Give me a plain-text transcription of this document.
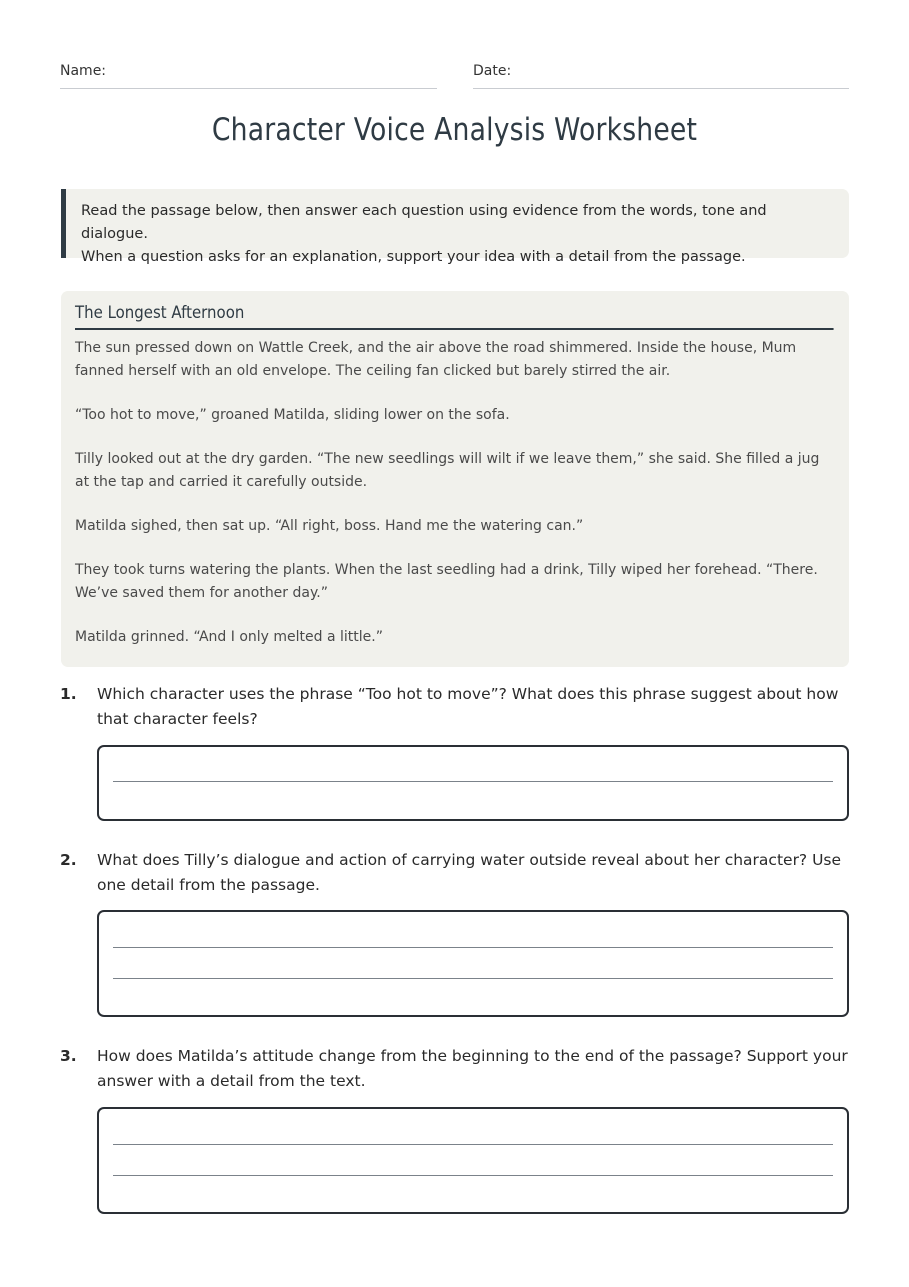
Name:	Date:
Character Voice Analysis Worksheet
Read the passage below, then answer each question using evidence from the words, tone and dialogue.
When a question asks for an explanation, support your idea with a detail from the passage.
The Longest Afternoon

The sun pressed down on Wattle Creek, and the air above the road shimmered. Inside the house, Mum fanned herself with an old envelope. The ceiling fan clicked but barely stirred the air.

“Too hot to move,” groaned Matilda, sliding lower on the sofa.

Tilly looked out at the dry garden. “The new seedlings will wilt if we leave them,” she said. She filled a jug at the tap and carried it carefully outside.

Matilda sighed, then sat up. “All right, boss. Hand me the watering can.”

They took turns watering the plants. When the last seedling had a drink, Tilly wiped her forehead. “There. We’ve saved them for another day.”

Matilda grinned. “And I only melted a little.”

1. Which character uses the phrase “Too hot to move”? What does this phrase suggest about how that character feels?
2. What does Tilly’s dialogue and action of carrying water outside reveal about her character? Use one detail from the passage.
3. How does Matilda’s attitude change from the beginning to the end of the passage? Support your answer with a detail from the text.
